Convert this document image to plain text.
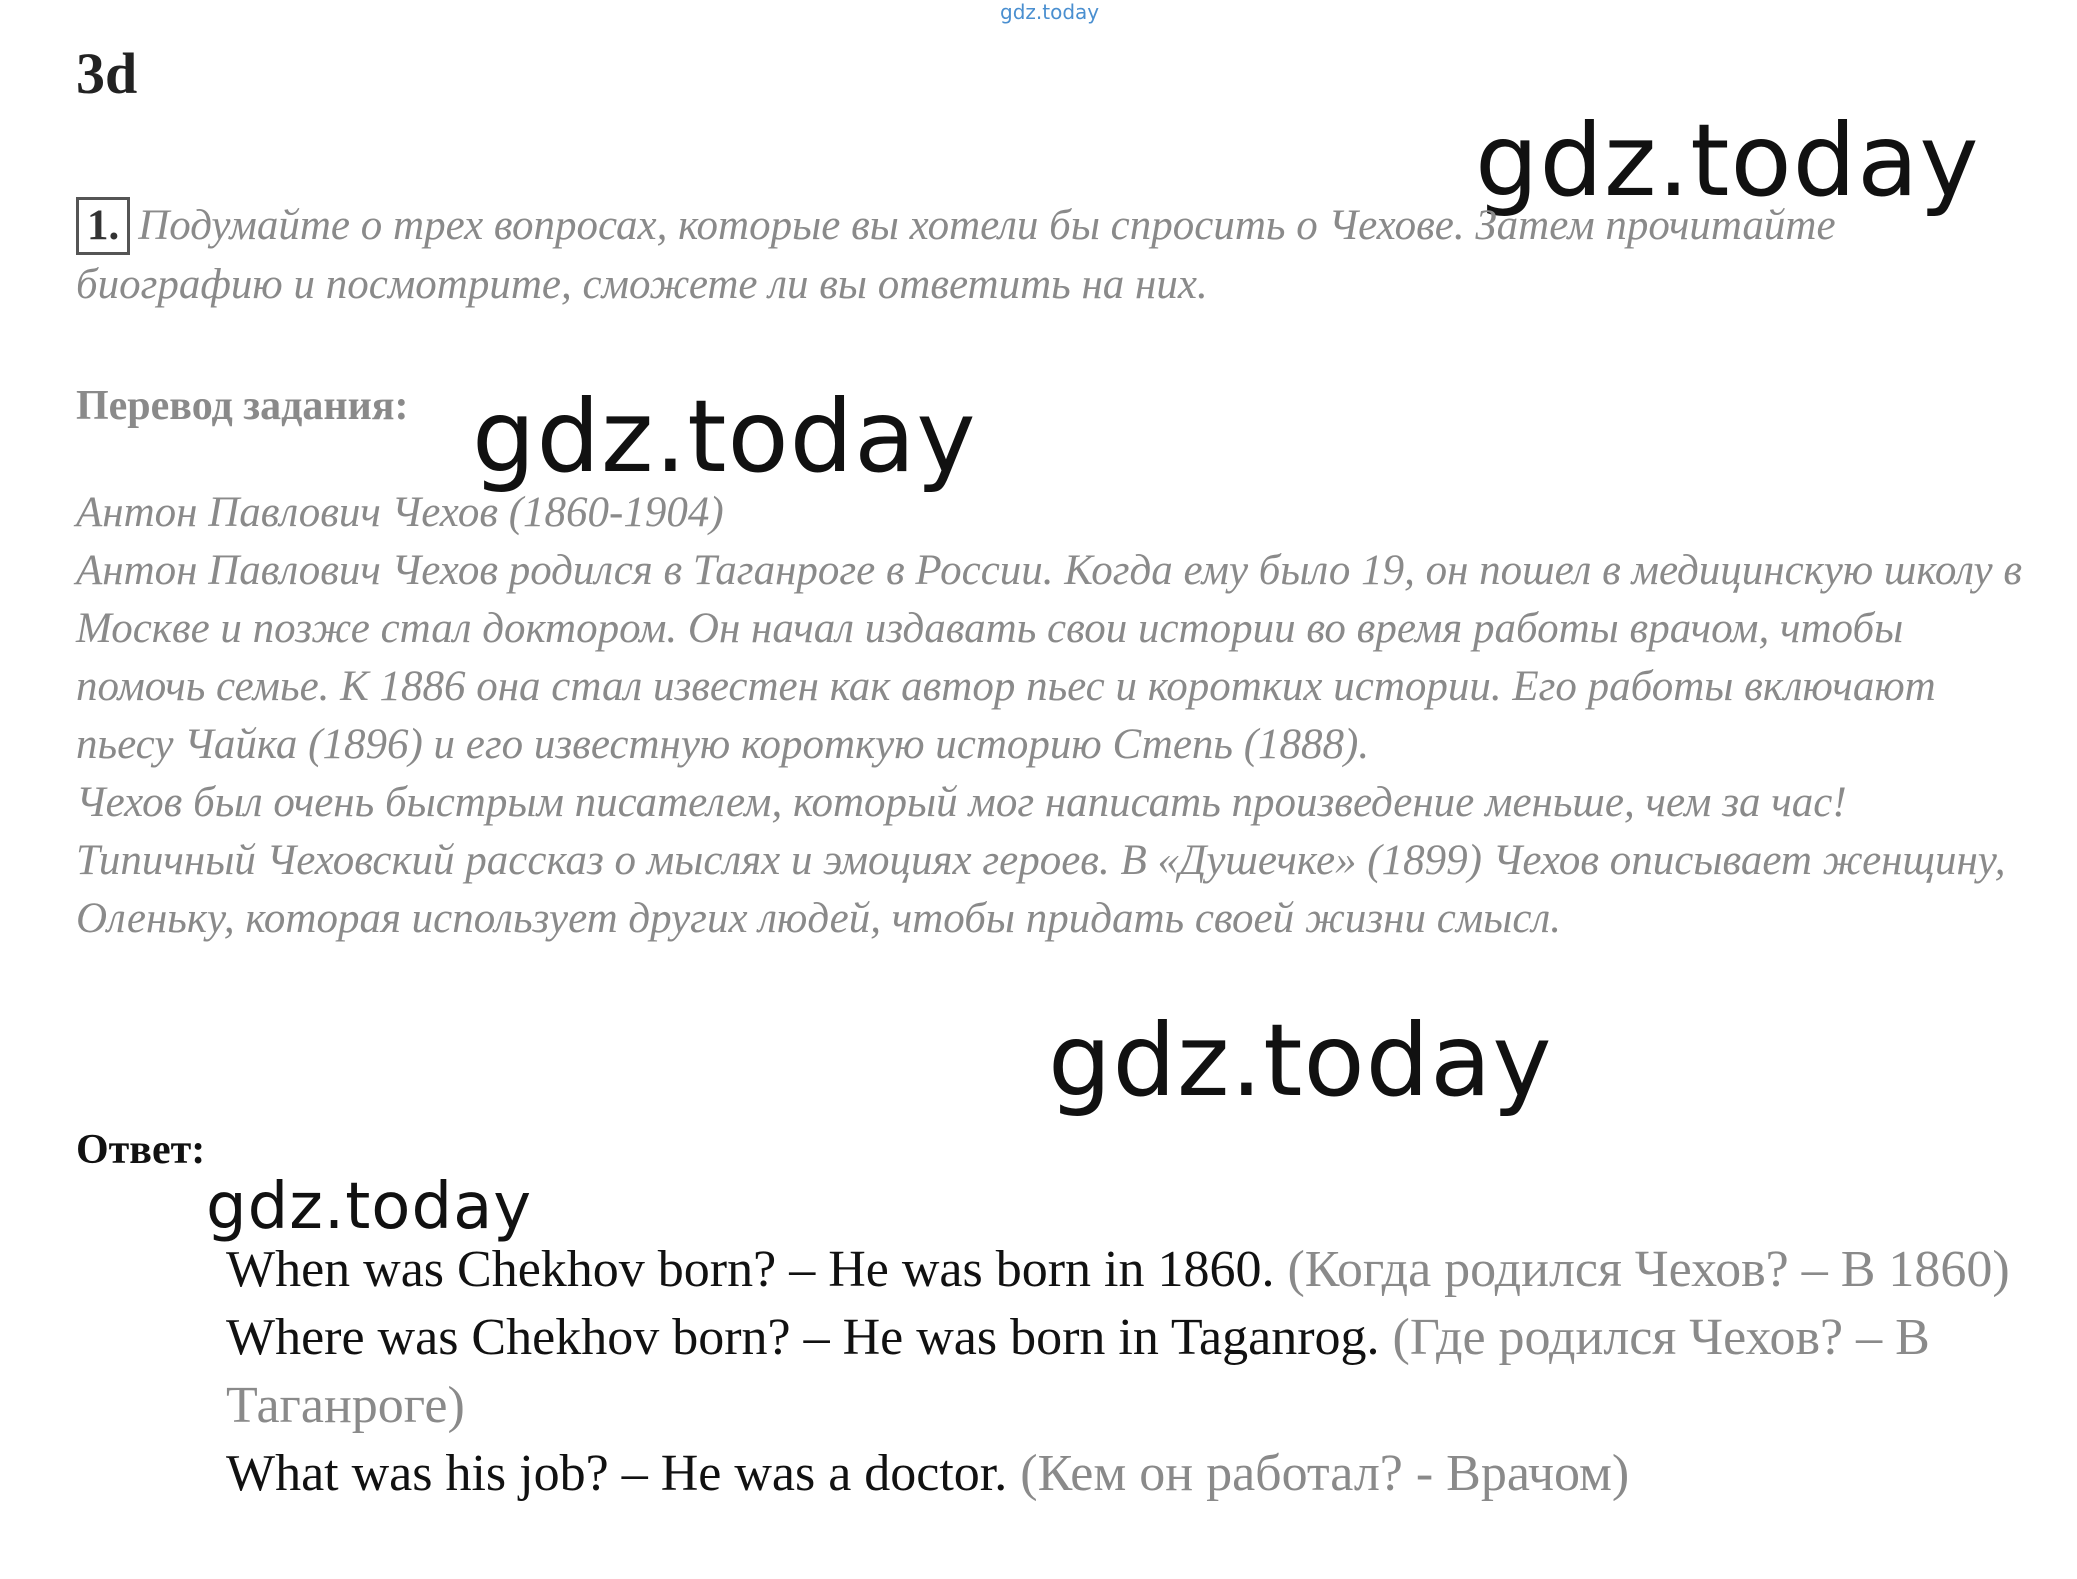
gdz.today
3d
gdz.today
1. Подумайте о трех вопросах, которые вы хотели бы спросить о Чехове. Затем прочитайте биографию и посмотрите, сможете ли вы ответить на них.
Перевод задания: gdz.today

Антон Павлович Чехов (1860-1904)

Антон Павлович Чехов родился в Таганроге в России. Когда ему было 19, он пошел в медицинскую школу в Москве и позже стал доктором. Он начал издавать свои истории во время работы врачом, чтобы помочь семье. К 1886 она стал известен как автор пьес и коротких истории. Его работы включают пьесу Чайка (1896) и его известную короткую историю Степь (1888).

Чехов был очень быстрым писателем, который мог написать произведение меньше, чем за час! Типичный Чеховский рассказ о мыслях и эмоциях героев. В «Душечке» (1899) Чехов описывает женщину, Оленьку, которая использует других людей, чтобы придать своей жизни смысл.

gdz.today
Ответ:
gdz.today

When was Chekhov born? – He was born in 1860. (Когда родился Чехов? – В 1860)

Where was Chekhov born? – He was born in Taganrog. (Где родился Чехов? – В Таганроге)

What was his job? – He was a doctor. (Кем он работал? - Врачом)
